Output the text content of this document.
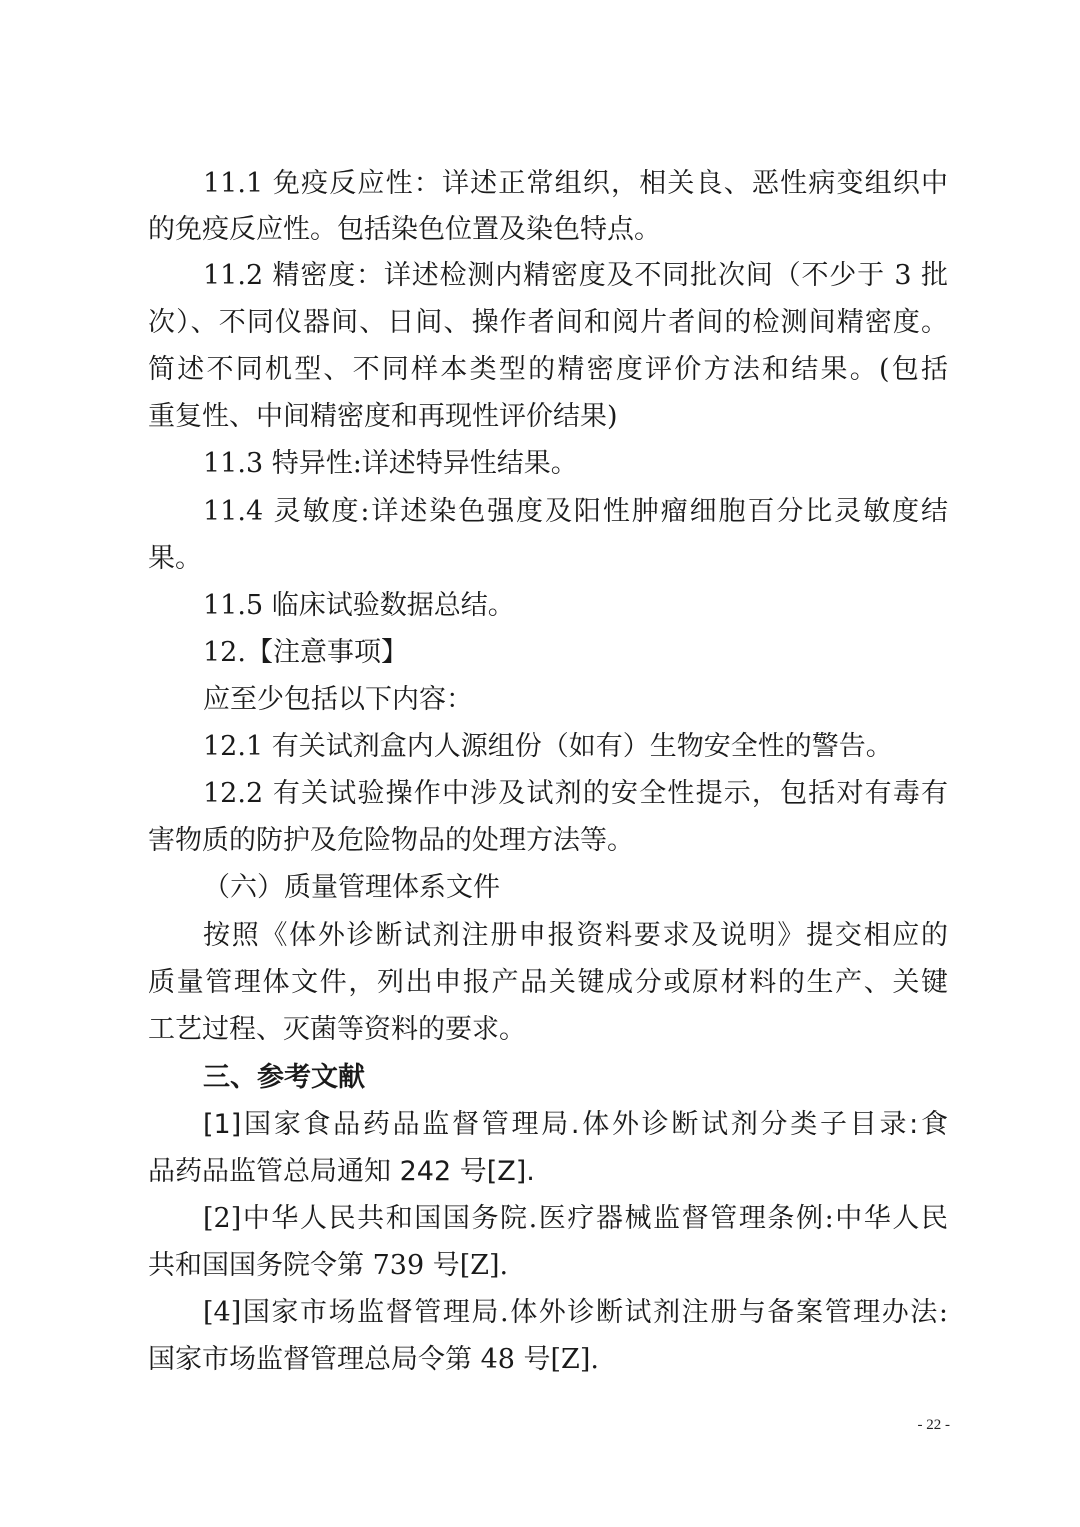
11.1 免疫反应性：详述正常组织，相关良、恶性病变组织中
的免疫反应性。包括染色位置及染色特点。
11.2 精密度：详述检测内精密度及不同批次间（不少于 3 批
次）、不同仪器间、日间、操作者间和阅片者间的检测间精密度。
简述不同机型、不同样本类型的精密度评价方法和结果。(包括
重复性、中间精密度和再现性评价结果)
11.3 特异性:详述特异性结果。
11.4 灵敏度:详述染色强度及阳性肿瘤细胞百分比灵敏度结
果。
11.5 临床试验数据总结。
12.【注意事项】
应至少包括以下内容：
12.1 有关试剂盒内人源组份（如有）生物安全性的警告。
12.2 有关试验操作中涉及试剂的安全性提示，包括对有毒有
害物质的防护及危险物品的处理方法等。
（六）质量管理体系文件
按照《体外诊断试剂注册申报资料要求及说明》提交相应的
质量管理体文件，列出申报产品关键成分或原材料的生产、关键
工艺过程、灭菌等资料的要求。
三、参考文献
[1]国家食品药品监督管理局.体外诊断试剂分类子目录:食
品药品监管总局通知 242 号[Z].
[2]中华人民共和国国务院.医疗器械监督管理条例:中华人民
共和国国务院令第 739 号[Z].
[4]国家市场监督管理局.体外诊断试剂注册与备案管理办法:
国家市场监督管理总局令第 48 号[Z].
- 22 -
